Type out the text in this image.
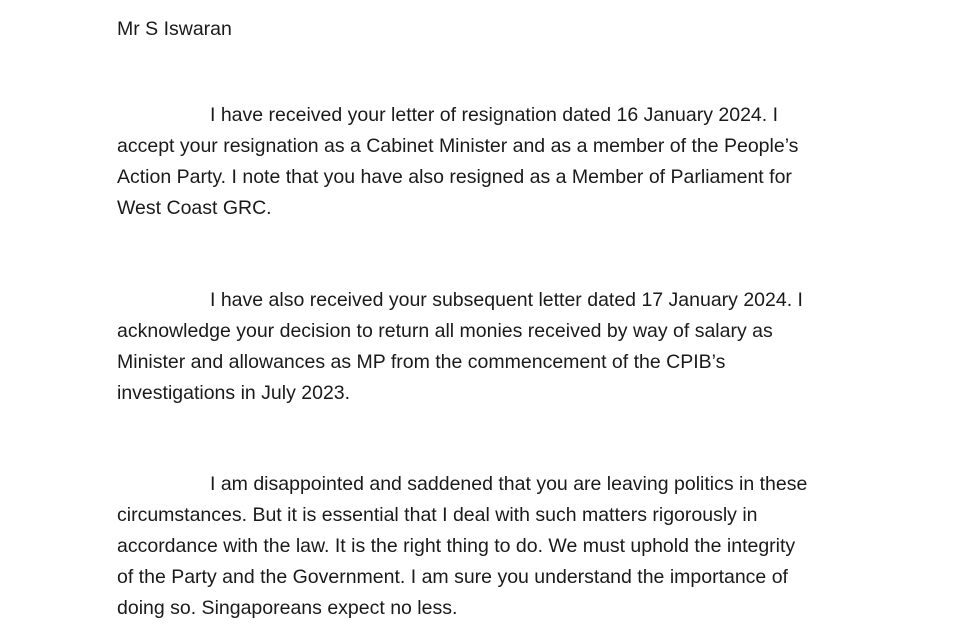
Mr S Iswaran

I have received your letter of resignation dated 16 January 2024. I
accept your resignation as a Cabinet Minister and as a member of the People’s
Action Party. I note that you have also resigned as a Member of Parliament for
West Coast GRC.

I have also received your subsequent letter dated 17 January 2024. I
acknowledge your decision to return all monies received by way of salary as
Minister and allowances as MP from the commencement of the CPIB’s
investigations in July 2023.

I am disappointed and saddened that you are leaving politics in these
circumstances. But it is essential that I deal with such matters rigorously in
accordance with the law. It is the right thing to do. We must uphold the integrity
of the Party and the Government. I am sure you understand the importance of
doing so. Singaporeans expect no less.
